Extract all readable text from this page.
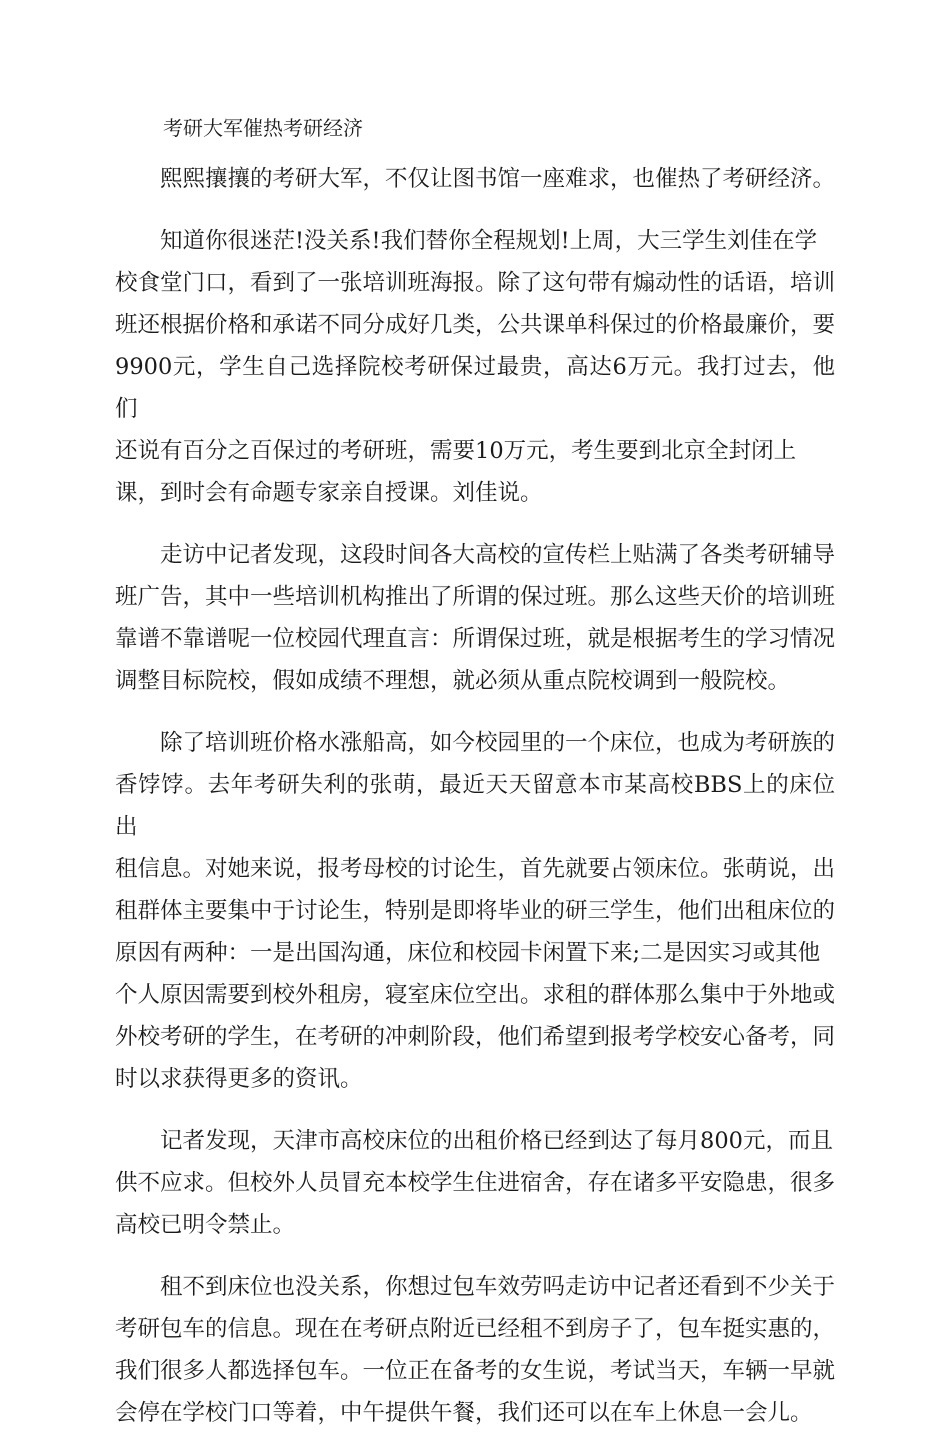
考研大军催热考研经济

熙熙攘攘的考研大军，不仅让图书馆一座难求，也催热了考研经济。

知道你很迷茫!没关系!我们替你全程规划!上周，大三学生刘佳在学
校食堂门口，看到了一张培训班海报。除了这句带有煽动性的话语，培训
班还根据价格和承诺不同分成好几类，公共课单科保过的价格最廉价，要
9900元，学生自己选择院校考研保过最贵，高达6万元。我打过去，他们
还说有百分之百保过的考研班，需要10万元，考生要到北京全封闭上
课，到时会有命题专家亲自授课。刘佳说。

走访中记者发现，这段时间各大高校的宣传栏上贴满了各类考研辅导
班广告，其中一些培训机构推出了所谓的保过班。那么这些天价的培训班
靠谱不靠谱呢一位校园代理直言：所谓保过班，就是根据考生的学习情况
调整目标院校，假如成绩不理想，就必须从重点院校调到一般院校。

除了培训班价格水涨船高，如今校园里的一个床位，也成为考研族的
香饽饽。去年考研失利的张萌，最近天天留意本市某高校BBS上的床位出
租信息。对她来说，报考母校的讨论生，首先就要占领床位。张萌说，出
租群体主要集中于讨论生，特别是即将毕业的研三学生，他们出租床位的
原因有两种：一是出国沟通，床位和校园卡闲置下来;二是因实习或其他
个人原因需要到校外租房，寝室床位空出。求租的群体那么集中于外地或
外校考研的学生，在考研的冲刺阶段，他们希望到报考学校安心备考，同
时以求获得更多的资讯。

记者发现，天津市高校床位的出租价格已经到达了每月800元，而且
供不应求。但校外人员冒充本校学生住进宿舍，存在诸多平安隐患，很多
高校已明令禁止。

租不到床位也没关系，你想过包车效劳吗走访中记者还看到不少关于
考研包车的信息。现在在考研点附近已经租不到房子了，包车挺实惠的，
我们很多人都选择包车。一位正在备考的女生说，考试当天，车辆一早就
会停在学校门口等着，中午提供午餐，我们还可以在车上休息一会儿。
